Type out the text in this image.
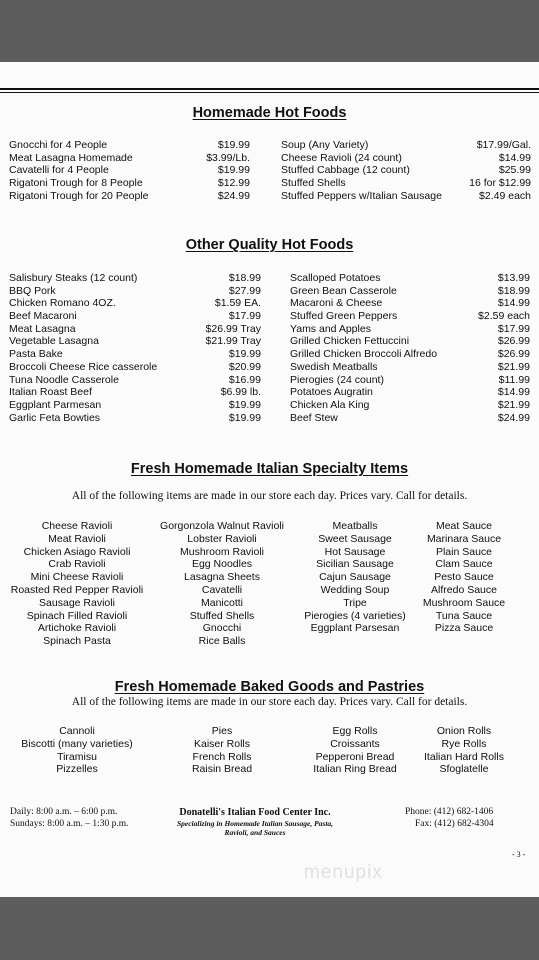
Homemade Hot Foods
Gnocchi for 4 People	$19.99
Meat Lasagna Homemade	$3.99/Lb.
Cavatelli for 4 People	$19.99
Rigatoni Trough for 8 People	$12.99
Rigatoni Trough for 20 People	$24.99
Soup (Any Variety)	$17.99/Gal.
Cheese Ravioli (24 count)	$14.99
Stuffed Cabbage (12 count)	$25.99
Stuffed Shells	16 for $12.99
Stuffed Peppers w/Italian Sausage	$2.49 each
Other Quality Hot Foods
Salisbury Steaks (12 count)	$18.99
BBQ Pork	$27.99
Chicken Romano 4OZ.	$1.59 EA.
Beef Macaroni	$17.99
Meat Lasagna	$26.99 Tray
Vegetable Lasagna	$21.99 Tray
Pasta Bake	$19.99
Broccoli Cheese Rice casserole	$20.99
Tuna Noodle Casserole	$16.99
Italian Roast Beef	$6.99 lb.
Eggplant Parmesan	$19.99
Garlic Feta Bowties	$19.99
Scalloped Potatoes	$13.99
Green Bean Casserole	$18.99
Macaroni & Cheese	$14.99
Stuffed Green Peppers	$2.59 each
Yams and Apples	$17.99
Grilled Chicken Fettuccini	$26.99
Grilled Chicken Broccoli Alfredo	$26.99
Swedish Meatballs	$21.99
Pierogies (24 count)	$11.99
Potatoes Augratin	$14.99
Chicken Ala King	$21.99
Beef Stew	$24.99
Fresh Homemade Italian Specialty Items
All of the following items are made in our store each day. Prices vary. Call for details.
Cheese Ravioli
Meat Ravioli
Chicken Asiago Ravioli
Crab Ravioli
Mini Cheese Ravioli
Roasted Red Pepper Ravioli
Sausage Ravioli
Spinach Filled Ravioli
Artichoke Ravioli
Spinach Pasta
Gorgonzola Walnut Ravioli
Lobster Ravioli
Mushroom Ravioli
Egg Noodles
Lasagna Sheets
Cavatelli
Manicotti
Stuffed Shells
Gnocchi
Rice Balls
Meatballs
Sweet Sausage
Hot Sausage
Sicilian Sausage
Cajun Sausage
Wedding Soup
Tripe
Pierogies (4 varieties)
Eggplant Parsesan
Meat Sauce
Marinara Sauce
Plain Sauce
Clam Sauce
Pesto Sauce
Alfredo Sauce
Mushroom Sauce
Tuna Sauce
Pizza Sauce
Fresh Homemade Baked Goods and Pastries
All of the following items are made in our store each day. Prices vary. Call for details.
Cannoli
Biscotti (many varieties)
Tiramisu
Pizzelles
Pies
Kaiser Rolls
French Rolls
Raisin Bread
Egg Rolls
Croissants
Pepperoni Bread
Italian Ring Bread
Onion Rolls
Rye Rolls
Italian Hard Rolls
Sfoglatelle
Daily: 8:00 a.m. – 6:00 p.m.
Sundays: 8:00 a.m. – 1:30 p.m.
Donatelli's Italian Food Center Inc.
Specializing in Homemade Italian Sausage, Pasta,
Ravioli, and Sauces
Phone: (412) 682-1406
Fax: (412) 682-4304
- 3 -
menupix
